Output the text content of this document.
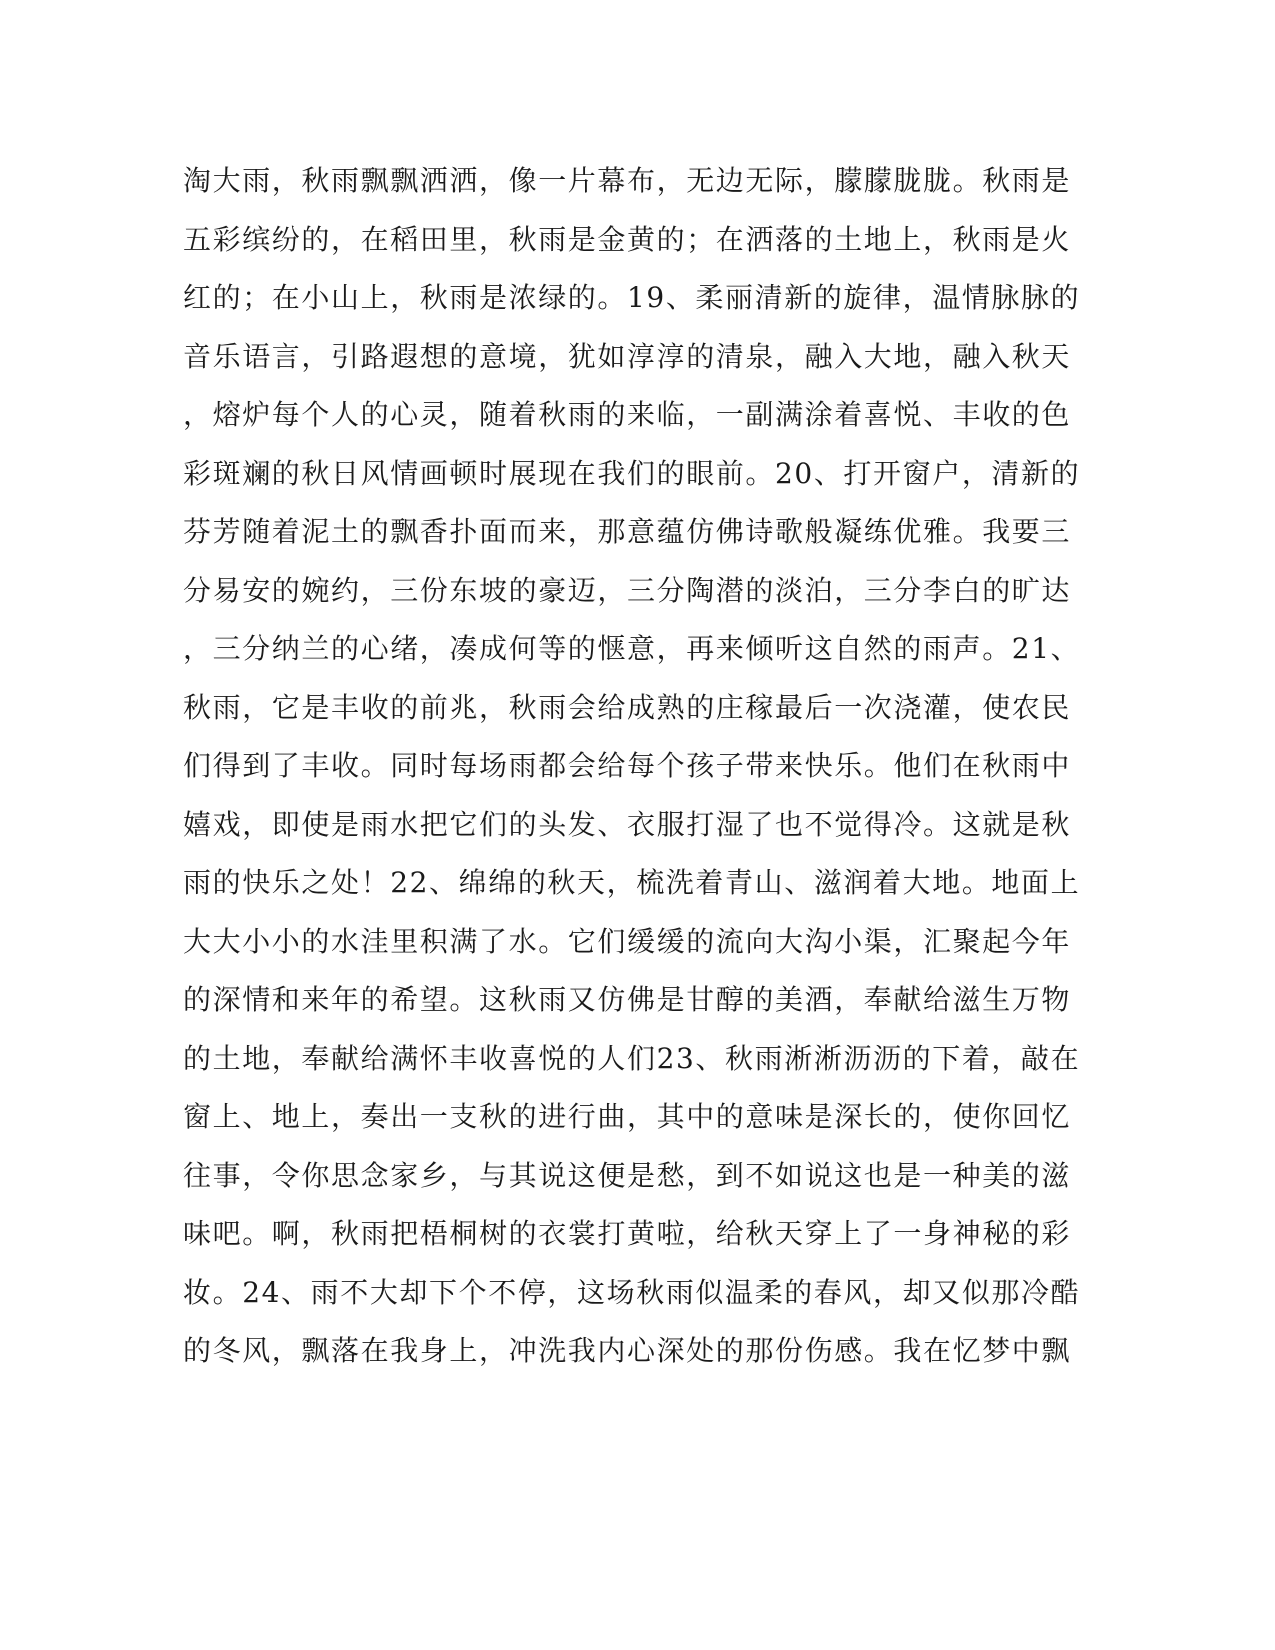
淘大雨，秋雨飘飘洒洒，像一片幕布，无边无际，朦朦胧胧。秋雨是
五彩缤纷的，在稻田里，秋雨是金黄的；在洒落的土地上，秋雨是火
红的；在小山上，秋雨是浓绿的。19、柔丽清新的旋律，温情脉脉的
音乐语言，引路遐想的意境，犹如淳淳的清泉，融入大地，融入秋天
，熔炉每个人的心灵，随着秋雨的来临，一副满涂着喜悦、丰收的色
彩斑斓的秋日风情画顿时展现在我们的眼前。20、打开窗户，清新的
芬芳随着泥土的飘香扑面而来，那意蕴仿佛诗歌般凝练优雅。我要三
分易安的婉约，三份东坡的豪迈，三分陶潜的淡泊，三分李白的旷达
，三分纳兰的心绪，凑成何等的惬意，再来倾听这自然的雨声。21、
秋雨，它是丰收的前兆，秋雨会给成熟的庄稼最后一次浇灌，使农民
们得到了丰收。同时每场雨都会给每个孩子带来快乐。他们在秋雨中
嬉戏，即使是雨水把它们的头发、衣服打湿了也不觉得冷。这就是秋
雨的快乐之处！22、绵绵的秋天，梳洗着青山、滋润着大地。地面上
大大小小的水洼里积满了水。它们缓缓的流向大沟小渠，汇聚起今年
的深情和来年的希望。这秋雨又仿佛是甘醇的美酒，奉献给滋生万物
的土地，奉献给满怀丰收喜悦的人们23、秋雨淅淅沥沥的下着，敲在
窗上、地上，奏出一支秋的进行曲，其中的意味是深长的，使你回忆
往事，令你思念家乡，与其说这便是愁，到不如说这也是一种美的滋
味吧。啊，秋雨把梧桐树的衣裳打黄啦，给秋天穿上了一身神秘的彩
妆。24、雨不大却下个不停，这场秋雨似温柔的春风，却又似那冷酷
的冬风，飘落在我身上，冲洗我内心深处的那份伤感。我在忆梦中飘
